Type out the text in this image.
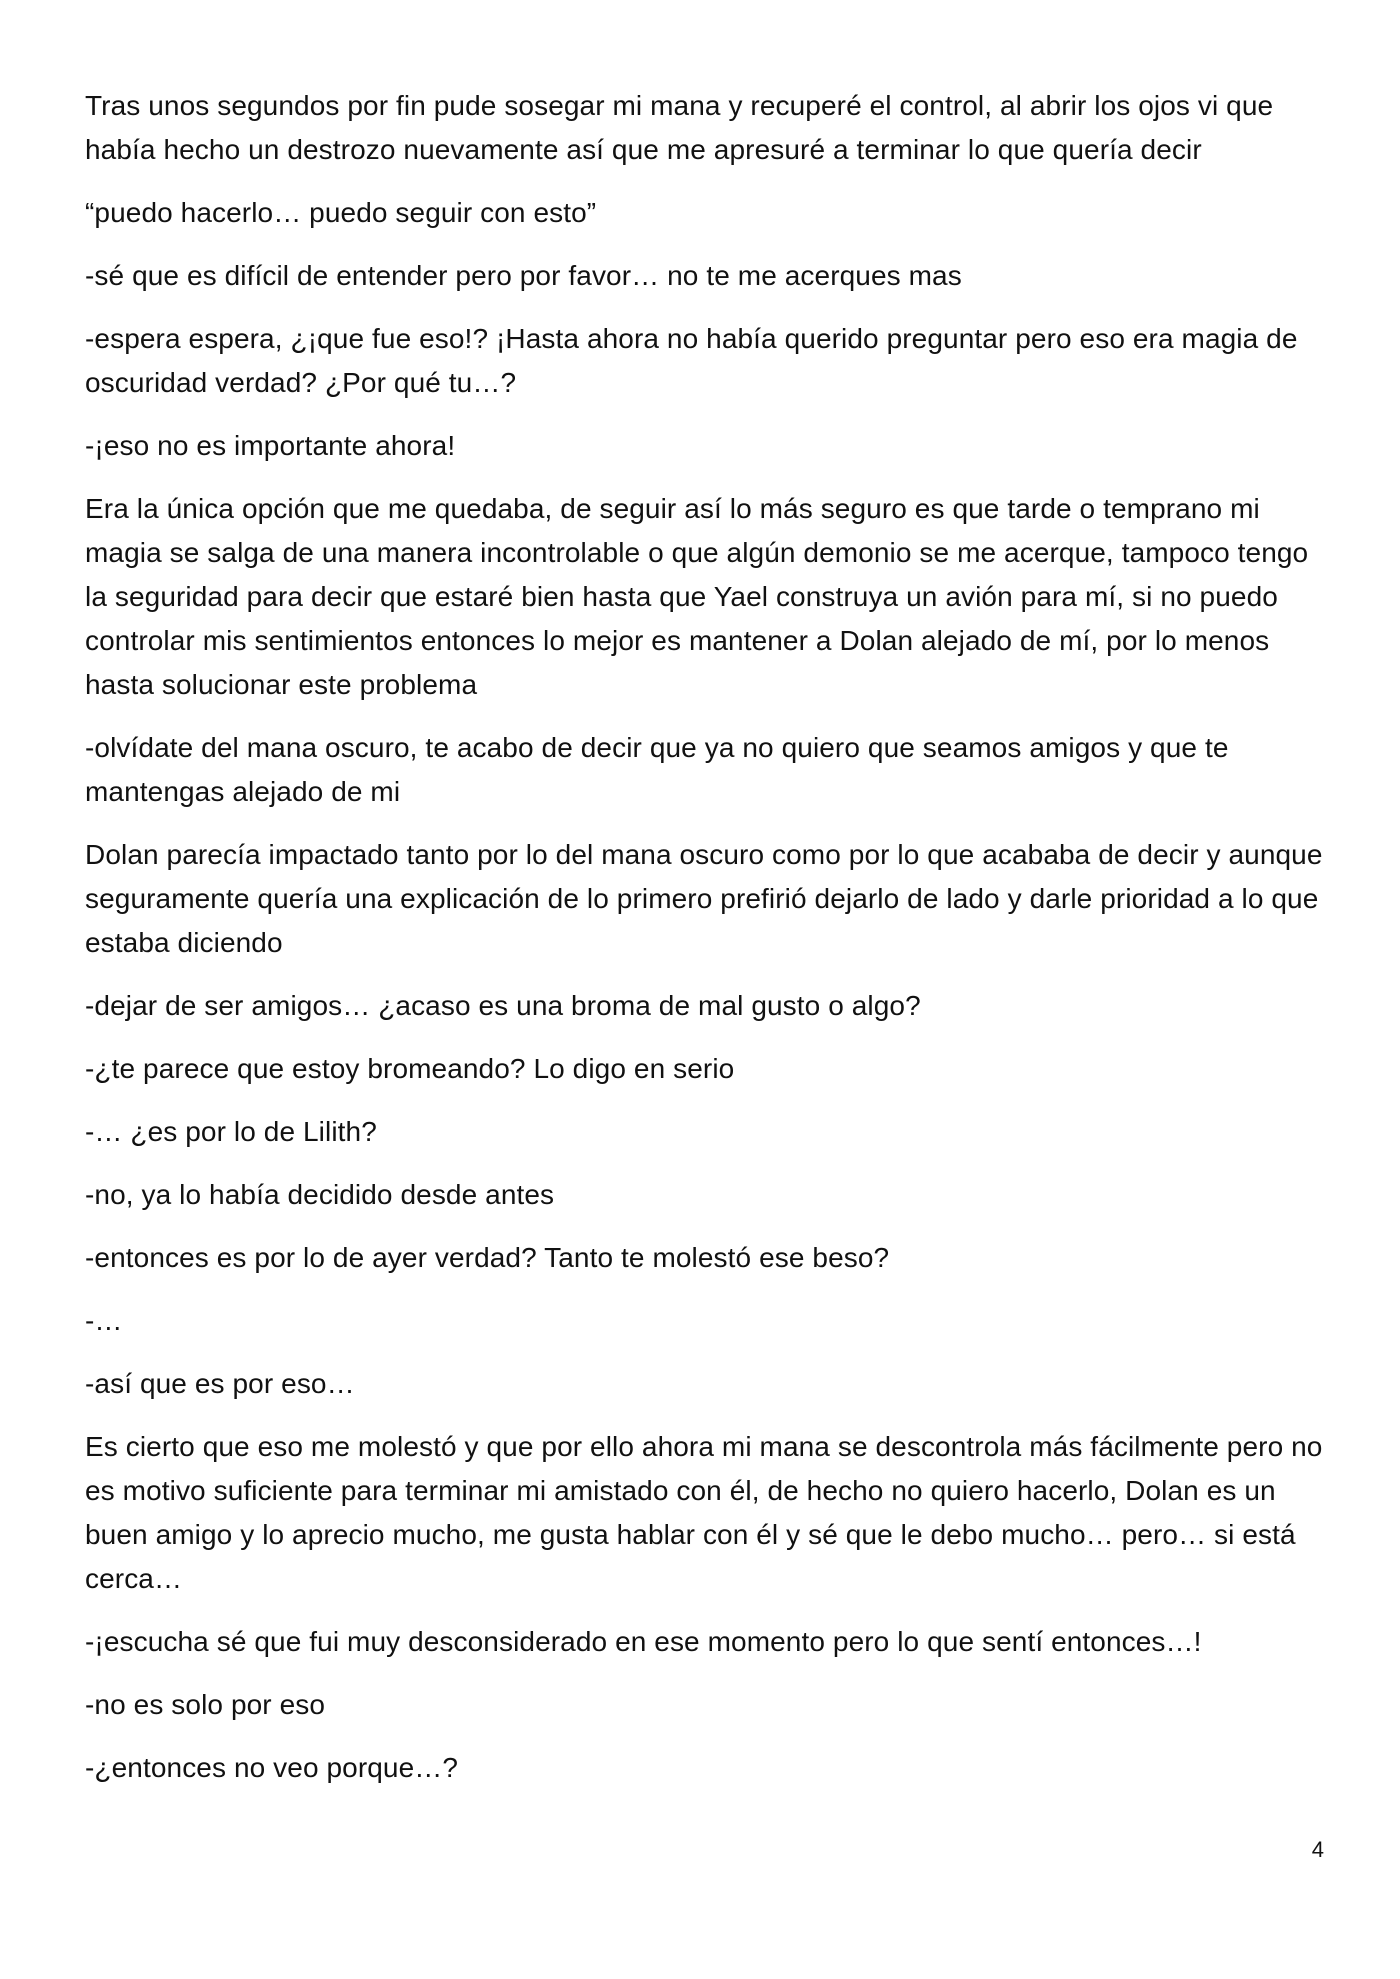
Tras unos segundos por fin pude sosegar mi mana y recuperé el control, al abrir los ojos vi que había hecho un destrozo nuevamente así que me apresuré a terminar lo que quería decir

“puedo hacerlo… puedo seguir con esto”

-sé que es difícil de entender pero por favor… no te me acerques mas

-espera espera, ¿¡que fue eso!? ¡Hasta ahora no había querido preguntar pero eso era magia de oscuridad verdad? ¿Por qué tu…?

-¡eso no es importante ahora!

Era la única opción que me quedaba, de seguir así lo más seguro es que tarde o temprano mi magia se salga de una manera incontrolable o que algún demonio se me acerque, tampoco tengo la seguridad para decir que estaré bien hasta que Yael construya un avión para mí, si no puedo controlar mis sentimientos entonces lo mejor es mantener a Dolan alejado de mí, por lo menos hasta solucionar este problema

-olvídate del mana oscuro, te acabo de decir que ya no quiero que seamos amigos y que te mantengas alejado de mi

Dolan parecía impactado tanto por lo del mana oscuro como por lo que acababa de decir y aunque seguramente quería una explicación de lo primero prefirió dejarlo de lado y darle prioridad a lo que estaba diciendo

-dejar de ser amigos… ¿acaso es una broma de mal gusto o algo?

-¿te parece que estoy bromeando? Lo digo en serio

-… ¿es por lo de Lilith?

-no, ya lo había decidido desde antes

-entonces es por lo de ayer verdad? Tanto te molestó ese beso?

-…

-así que es por eso…

Es cierto que eso me molestó y que por ello ahora mi mana se descontrola más fácilmente pero no es motivo suficiente para terminar mi amistado con él, de hecho no quiero hacerlo, Dolan es un buen amigo y lo aprecio mucho, me gusta hablar con él y sé que le debo mucho… pero… si está cerca…

-¡escucha sé que fui muy desconsiderado en ese momento pero lo que sentí entonces…!

-no es solo por eso

-¿entonces no veo porque…?

4
